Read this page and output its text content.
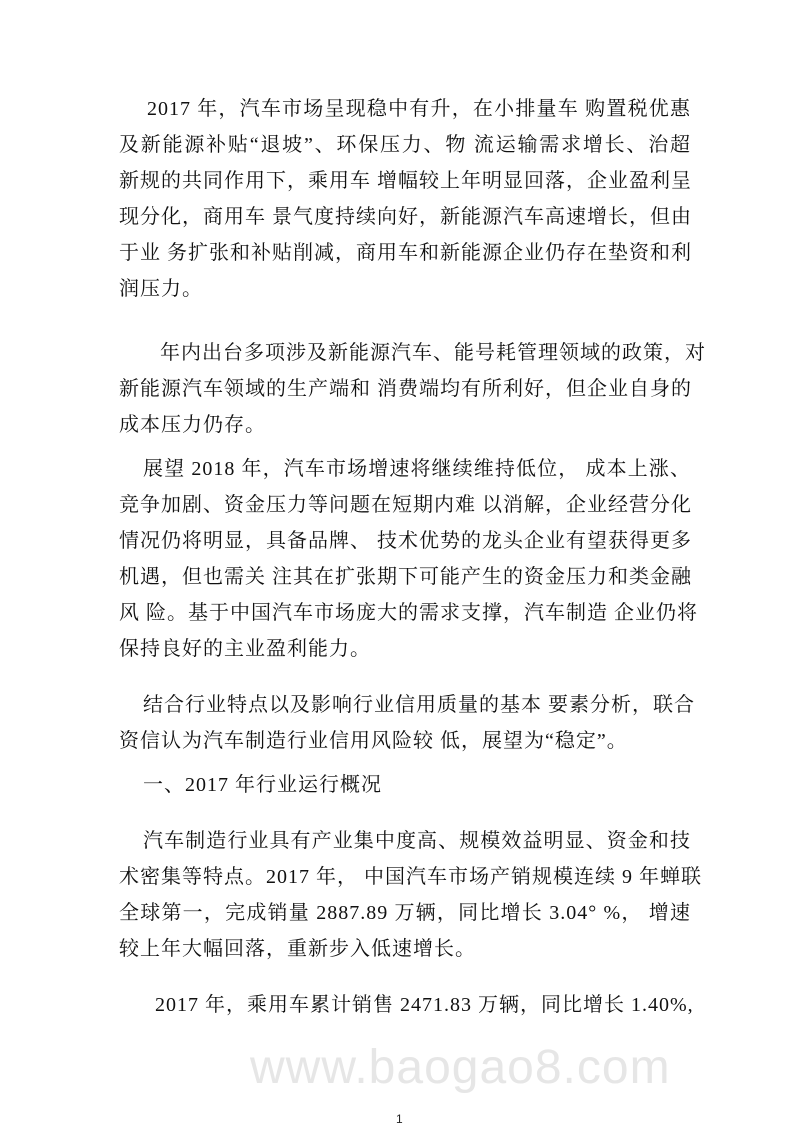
www.baogao8.com
2017 年，汽车市场呈现稳中有升，在小排量车 购置税优惠
及新能源补贴“退坡”、环保压力、物 流运输需求增长、治超
新规的共同作用下，乘用车 增幅较上年明显回落，企业盈利呈
现分化，商用车 景气度持续向好，新能源汽车高速增长，但由
于业 务扩张和补贴削减，商用车和新能源企业仍存在垫资和利
润压力。
年内出台多项涉及新能源汽车、能号耗管理领域的政策，对
新能源汽车领域的生产端和 消费端均有所利好，但企业自身的
成本压力仍存。
展望 2018 年，汽车市场增速将继续维持低位， 成本上涨、
竞争加剧、资金压力等问题在短期内难 以消解，企业经营分化
情况仍将明显，具备品牌、 技术优势的龙头企业有望获得更多
机遇，但也需关 注其在扩张期下可能产生的资金压力和类金融
风 险。基于中国汽车市场庞大的需求支撑，汽车制造 企业仍将
保持良好的主业盈利能力。
结合行业特点以及影响行业信用质量的基本 要素分析，联合
资信认为汽车制造行业信用风险较 低，展望为“稳定”。
一、2017 年行业运行概况
汽车制造行业具有产业集中度高、规模效益明显、资金和技
术密集等特点。2017 年， 中国汽车市场产销规模连续 9 年蝉联
全球第一，完成销量 2887.89 万辆，同比增长 3.04° %， 增速
较上年大幅回落，重新步入低速增长。
2017 年，乘用车累计销售 2471.83 万辆，同比增长 1.40%,
1
